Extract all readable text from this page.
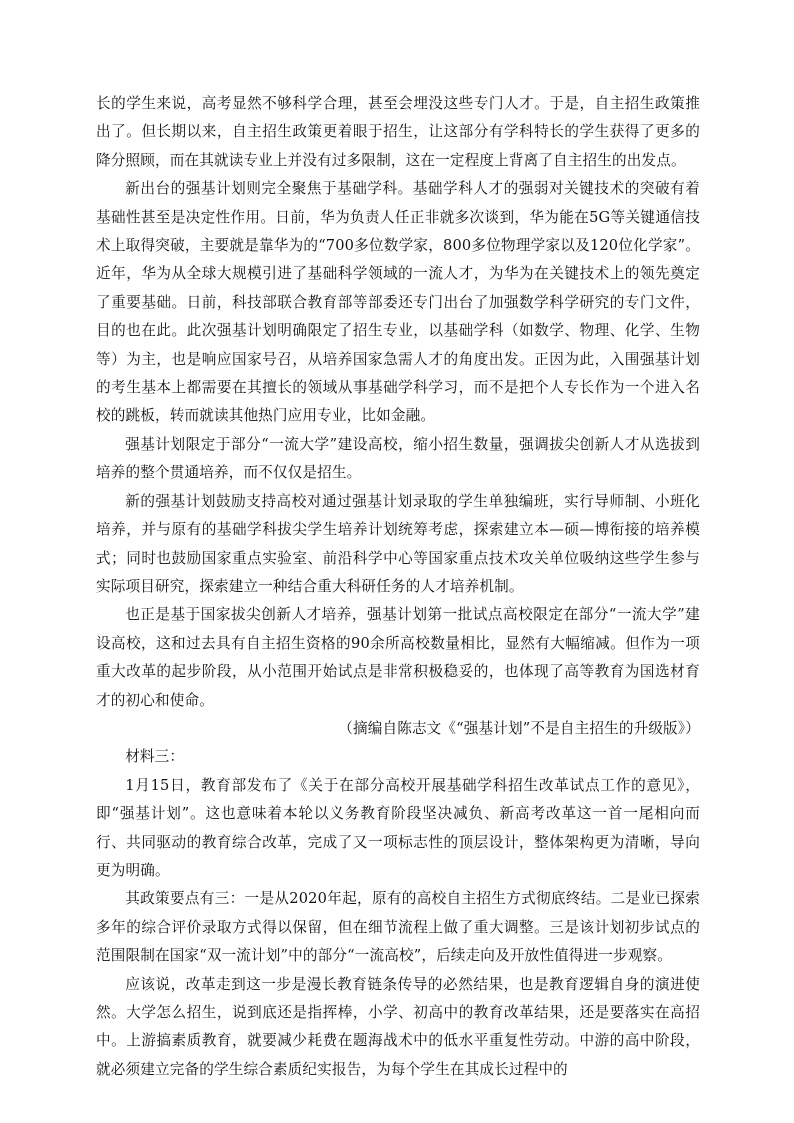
长的学生来说，高考显然不够科学合理，甚至会埋没这些专门人才。于是，自主招生政策推出了。但长期以来，自主招生政策更着眼于招生，让这部分有学科特长的学生获得了更多的降分照顾，而在其就读专业上并没有过多限制，这在一定程度上背离了自主招生的出发点。

新出台的强基计划则完全聚焦于基础学科。基础学科人才的强弱对关键技术的突破有着基础性甚至是决定性作用。日前，华为负责人任正非就多次谈到，华为能在5G等关键通信技术上取得突破，主要就是靠华为的“700多位数学家，800多位物理学家以及120位化学家”。近年，华为从全球大规模引进了基础科学领域的一流人才，为华为在关键技术上的领先奠定了重要基础。日前，科技部联合教育部等部委还专门出台了加强数学科学研究的专门文件，目的也在此。此次强基计划明确限定了招生专业，以基础学科（如数学、物理、化学、生物等）为主，也是响应国家号召，从培养国家急需人才的角度出发。正因为此，入围强基计划的考生基本上都需要在其擅长的领域从事基础学科学习，而不是把个人专长作为一个进入名校的跳板，转而就读其他热门应用专业，比如金融。

强基计划限定于部分“一流大学”建设高校，缩小招生数量，强调拔尖创新人才从选拔到培养的整个贯通培养，而不仅仅是招生。

新的强基计划鼓励支持高校对通过强基计划录取的学生单独编班，实行导师制、小班化培养，并与原有的基础学科拔尖学生培养计划统筹考虑，探索建立本—硕—博衔接的培养模式；同时也鼓励国家重点实验室、前沿科学中心等国家重点技术攻关单位吸纳这些学生参与实际项目研究，探索建立一种结合重大科研任务的人才培养机制。

也正是基于国家拔尖创新人才培养，强基计划第一批试点高校限定在部分“一流大学”建设高校，这和过去具有自主招生资格的90余所高校数量相比，显然有大幅缩减。但作为一项重大改革的起步阶段，从小范围开始试点是非常积极稳妥的，也体现了高等教育为国选材育才的初心和使命。

（摘编自陈志文《“强基计划”不是自主招生的升级版》）

材料三：

1月15日，教育部发布了《关于在部分高校开展基础学科招生改革试点工作的意见》，即“强基计划”。这也意味着本轮以义务教育阶段坚决减负、新高考改革这一首一尾相向而行、共同驱动的教育综合改革，完成了又一项标志性的顶层设计，整体架构更为清晰，导向更为明确。

其政策要点有三：一是从2020年起，原有的高校自主招生方式彻底终结。二是业已探索多年的综合评价录取方式得以保留，但在细节流程上做了重大调整。三是该计划初步试点的范围限制在国家“双一流计划”中的部分“一流高校”，后续走向及开放性值得进一步观察。

应该说，改革走到这一步是漫长教育链条传导的必然结果，也是教育逻辑自身的演进使然。大学怎么招生，说到底还是指挥棒，小学、初高中的教育改革结果，还是要落实在高招中。上游搞素质教育，就要减少耗费在题海战术中的低水平重复性劳动。中游的高中阶段，就必须建立完备的学生综合素质纪实报告，为每个学生在其成长过程中的
